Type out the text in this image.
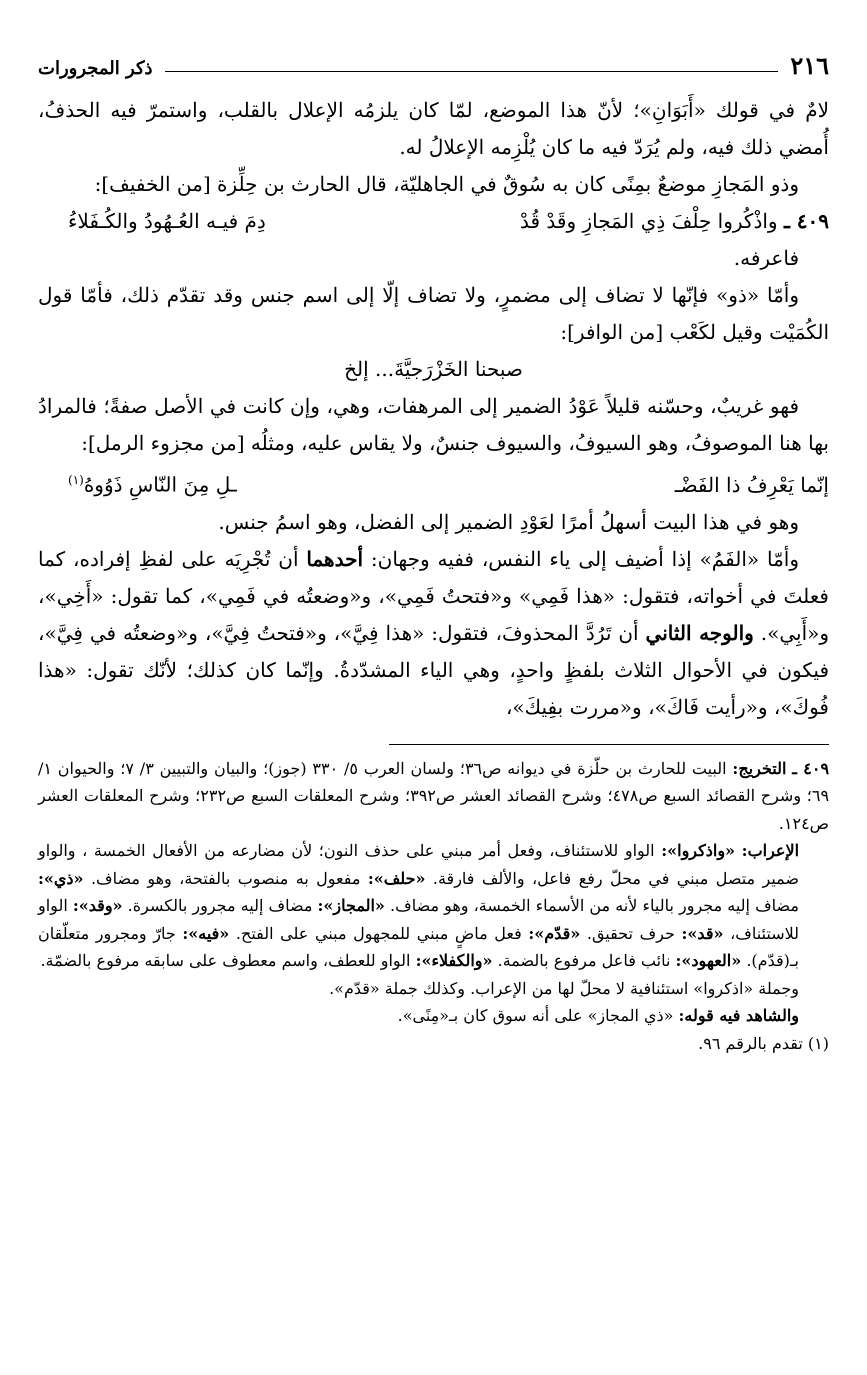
٢١٦
ذكر المجرورات

لامٌ في قولك «أَبَوَانِ»؛ لأنّ هذا الموضع، لمّا كان يلزمُه الإعلال بالقلب، واستمرّ فيه الحذفُ، أُمضي ذلك فيه، ولم يُرَدّ فيه ما كان يُلْزِمه الإعلالُ له.

وذو المَجازِ موضعٌ بمِنًى كان به سُوقٌ في الجاهليّة، قال الحارث بن حِلِّزة [من الخفيف]:

٤٠٩ ـ واذْكُروا حِلْفَ ذِي المَجازِ وقَدْ قُدْ
دِمَ فيـه العُـهُودُ والكُـفَلاءُ

فاعرفه.

وأمّا «ذو» فإنّها لا تضاف إلى مضمرٍ، ولا تضاف إلّا إلى اسم جنس وقد تقدّم ذلك، فأمّا قول الكُمَيْت وقيل لكَعْب [من الوافر]:

صبحنا الخَزْرَجيَّةَ... إلخ

فهو غريبٌ، وحسّنه قليلاً عَوْدُ الضمير إلى المرهفات، وهي، وإن كانت في الأصل صفةً؛ فالمرادُ بها هنا الموصوفُ، وهو السيوفُ، والسيوف جنسٌ، ولا يقاس عليه، ومثلُه [من مجزوء الرمل]:

إنّما يَعْرِفُ ذا الفَضْـ
ـلِ مِنَ النّاسِ ذَوُوهُ$^{(١)}$

وهو في هذا البيت أسهلُ أمرًا لعَوْدِ الضمير إلى الفضل، وهو اسمُ جنس.

وأمّا «الفَمُ» إذا أضيف إلى ياء النفس، ففيه وجهان: أحدهما أن تُجْرِيَه على لفظِ إفراده، كما فعلتَ في أخواته، فتقول: «هذا فَمِي» و«فتحتُ فَمِي»، و«وضعتُه في فَمِي»، كما تقول: «أَخِي»، و«أَبِي». والوجه الثاني أن تَرُدَّ المحذوفَ، فتقول: «هذا فِيَّ»، و«فتحتُ فِيَّ»، و«وضعتُه في فِيَّ»، فيكون في الأحوال الثلاث بلفظٍ واحدٍ، وهي الياء المشدّدةُ. وإنّما كان كذلك؛ لأنّك تقول: «هذا فُوكَ»، و«رأيت فَاكَ»، و«مررت بفِيكَ»،

٤٠٩ ـ التخريج: البيت للحارث بن حلّزة في ديوانه ص٣٦؛ ولسان العرب ٥/ ٣٣٠ (جوز)؛ والبيان والتبيين ٣/ ٧؛ والحيوان ١/ ٦٩؛ وشرح القصائد السبع ص٤٧٨؛ وشرح القصائد العشر ص٣٩٢؛ وشرح المعلقات السبع ص٢٣٢؛ وشرح المعلقات العشر ص١٢٤.

الإعراب: «واذكروا»: الواو للاستئناف، وفعل أمر مبني على حذف النون؛ لأن مضارعه من الأفعال الخمسة ، والواو ضمير متصل مبني في محلّ رفع فاعل، والألف فارقة. «حلف»: مفعول به منصوب بالفتحة، وهو مضاف. «ذي»: مضاف إليه مجرور بالياء لأنه من الأسماء الخمسة، وهو مضاف. «المجاز»: مضاف إليه مجرور بالكسرة. «وقد»: الواو للاستئناف، «قد»: حرف تحقيق. «قدّم»: فعل ماضٍ مبني للمجهول مبني على الفتح. «فيه»: جارّ ومجرور متعلّقان بـ(قدّم). «العهود»: نائب فاعل مرفوع بالضمة. «والكفلاء»: الواو للعطف، واسم معطوف على سابقه مرفوع بالضمّة.

وجملة «اذكروا» استئنافية لا محلّ لها من الإعراب. وكذلك جملة «قدّم».

والشاهد فيه قوله: «ذي المجاز» على أنه سوق كان بـ«مِنًى».

(١) تقدم بالرقم ٩٦.
